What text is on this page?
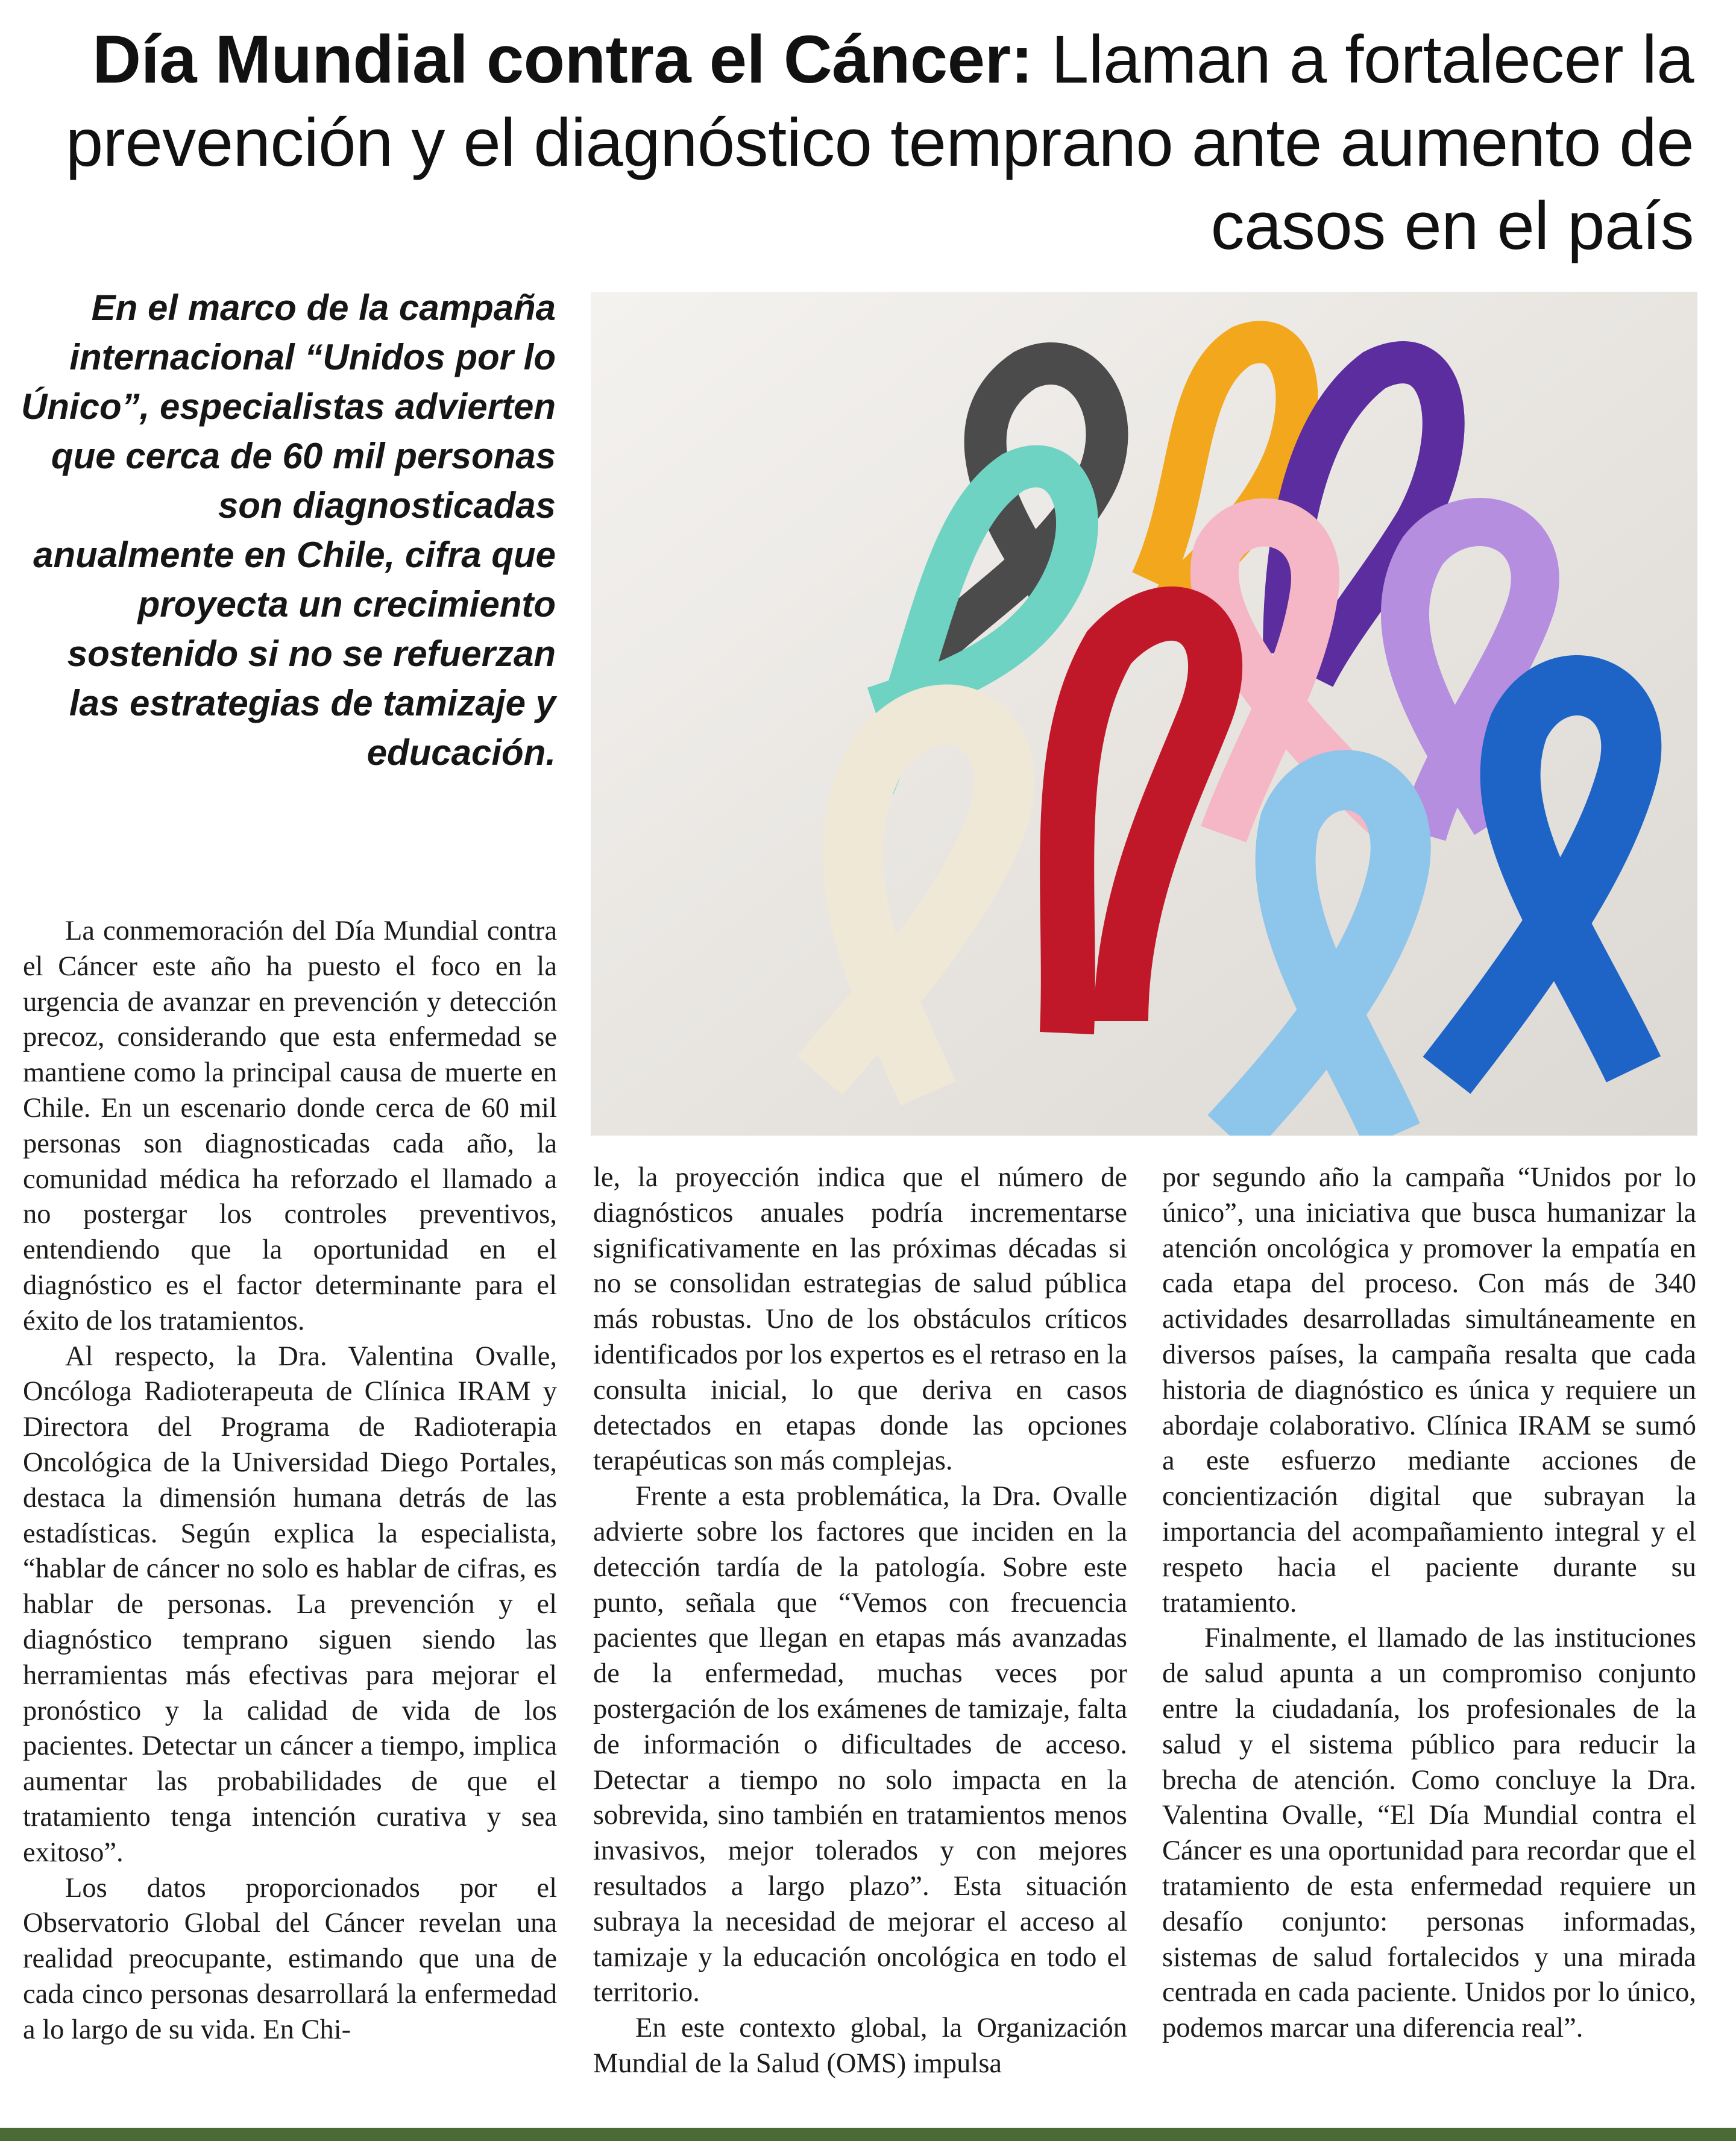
Día Mundial contra el Cáncer: Llaman a fortalecer la prevención y el diagnóstico temprano ante aumento de casos en el país

En el marco de la campaña internacional “Unidos por lo Único”, especialistas advierten que cerca de 60 mil personas son diagnosticadas anualmente en Chile, cifra que proyecta un crecimiento sostenido si no se refuerzan las estrategias de tamizaje y educación.

La conmemoración del Día Mundial contra el Cáncer este año ha puesto el foco en la urgencia de avanzar en prevención y detección precoz, considerando que esta enfermedad se mantiene como la principal causa de muerte en Chile. En un escenario donde cerca de 60 mil personas son diagnosticadas cada año, la comunidad médica ha reforzado el llamado a no postergar los controles preventivos, entendiendo que la oportunidad en el diagnóstico es el factor determinante para el éxito de los tratamientos.

Al respecto, la Dra. Valentina Ovalle, Oncóloga Radioterapeuta de Clínica IRAM y Directora del Programa de Radioterapia Oncológica de la Universidad Diego Portales, destaca la dimensión humana detrás de las estadísticas. Según explica la especialista, “hablar de cáncer no solo es hablar de cifras, es hablar de personas. La prevención y el diagnóstico temprano siguen siendo las herramientas más efectivas para mejorar el pronóstico y la calidad de vida de los pacientes. Detectar un cáncer a tiempo, implica aumentar las probabilidades de que el tratamiento tenga intención curativa y sea exitoso”.

Los datos proporcionados por el Observatorio Global del Cáncer revelan una realidad preocupante, estimando que una de cada cinco personas desarrollará la enfermedad a lo largo de su vida. En Chi-

le, la proyección indica que el número de diagnósticos anuales podría incrementarse significativamente en las próximas décadas si no se consolidan estrategias de salud pública más robustas. Uno de los obstáculos críticos identificados por los expertos es el retraso en la consulta inicial, lo que deriva en casos detectados en etapas donde las opciones terapéuticas son más complejas.

Frente a esta problemática, la Dra. Ovalle advierte sobre los factores que inciden en la detección tardía de la patología. Sobre este punto, señala que “Vemos con frecuencia pacientes que llegan en etapas más avanzadas de la enfermedad, muchas veces por postergación de los exámenes de tamizaje, falta de información o dificultades de acceso. Detectar a tiempo no solo impacta en la sobrevida, sino también en tratamientos menos invasivos, mejor tolerados y con mejores resultados a largo plazo”. Esta situación subraya la necesidad de mejorar el acceso al tamizaje y la educación oncológica en todo el territorio.

En este contexto global, la Organización Mundial de la Salud (OMS) impulsa

por segundo año la campaña “Unidos por lo único”, una iniciativa que busca humanizar la atención oncológica y promover la empatía en cada etapa del proceso. Con más de 340 actividades desarrolladas simultáneamente en diversos países, la campaña resalta que cada historia de diagnóstico es única y requiere un abordaje colaborativo. Clínica IRAM se sumó a este esfuerzo mediante acciones de concientización digital que subrayan la importancia del acompañamiento integral y el respeto hacia el paciente durante su tratamiento.

Finalmente, el llamado de las instituciones de salud apunta a un compromiso conjunto entre la ciudadanía, los profesionales de la salud y el sistema público para reducir la brecha de atención. Como concluye la Dra. Valentina Ovalle, “El Día Mundial contra el Cáncer es una oportunidad para recordar que el tratamiento de esta enfermedad requiere un desafío conjunto: personas informadas, sistemas de salud fortalecidos y una mirada centrada en cada paciente. Unidos por lo único, podemos marcar una diferencia real”.
